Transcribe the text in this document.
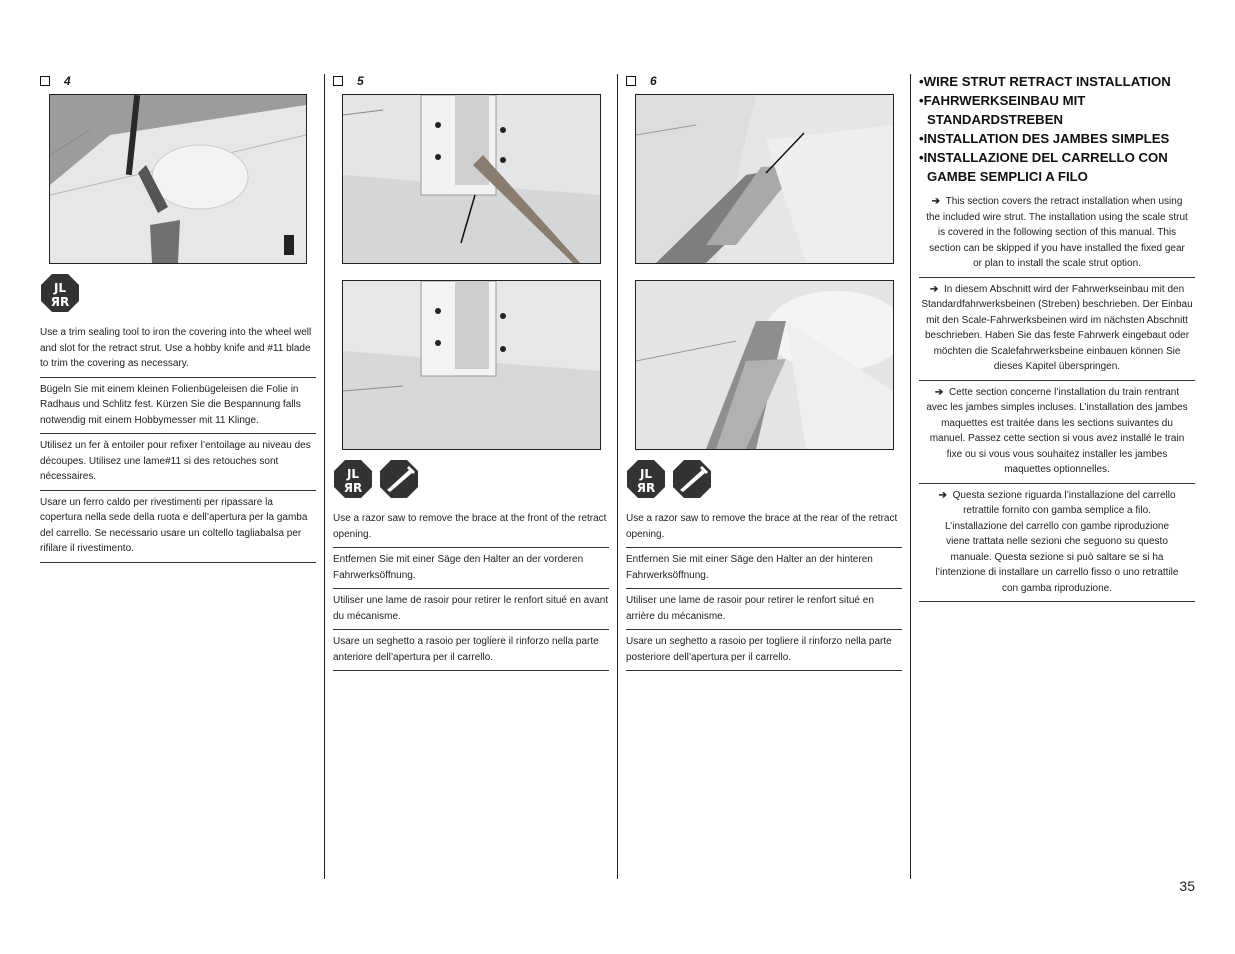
4
JL
ЯR

Use a trim sealing tool to iron the covering into the wheel well and slot for the retract strut. Use a hobby knife and #11 blade to trim the covering as necessary.

Bügeln Sie mit einem kleinen Folienbügeleisen die Folie in Radhaus und Schlitz fest. Kürzen Sie die Bespannung falls notwendig mit einem Hobbymesser mit 11 Klinge.

Utilisez un fer à entoiler pour refixer l’entoilage au niveau des découpes. Utilisez une lame#11 si des retouches sont nécessaires.

Usare un ferro caldo per rivestimenti per ripassare la copertura nella sede della ruota e dell’apertura per la gamba del carrello. Se necessario usare un coltello tagliabalsa per rifilare il rivestimento.

5
JL
ЯR

Use a razor saw to remove the brace at the front of the retract opening.

Entfernen Sie mit einer Säge den Halter an der vorderen Fahrwerksöffnung.

Utiliser une lame de rasoir pour retirer le renfort situé en avant du mécanisme.

Usare un seghetto a rasoio per togliere il rinforzo nella parte anteriore dell’apertura per il carrello.

6
JL
ЯR

Use a razor saw to remove the brace at the rear of the retract opening.

Entfernen Sie mit einer Säge den Halter an der hinteren Fahrwerksöffnung.

Utiliser une lame de rasoir pour retirer le renfort situé en arrière du mécanisme.

Usare un seghetto a rasoio per togliere il rinforzo nella parte posteriore dell’apertura per il carrello.

•WIRE STRUT RETRACT INSTALLATION
•FAHRWERKSEINBAU MIT
STANDARDSTREBEN
•INSTALLATION DES JAMBES SIMPLES
•INSTALLAZIONE DEL CARRELLO CON
GAMBE SEMPLICI A FILO

➔ This section covers the retract installation when using the included wire strut. The installation using the scale strut is covered in the following section of this manual. This section can be skipped if you have installed the fixed gear or plan to install the scale strut option.

➔ In diesem Abschnitt wird der Fahrwerkseinbau mit den Standardfahrwerksbeinen (Streben) beschrieben. Der Einbau mit den Scale-Fahrwerksbeinen wird im nächsten Abschnitt beschrieben. Haben Sie das feste Fahrwerk eingebaut oder möchten die Scalefahrwerksbeine einbauen können Sie dieses Kapitel überspringen.

➔ Cette section concerne l’installation du train rentrant avec les jambes simples incluses. L’installation des jambes maquettes est traitée dans les sections suivantes du manuel. Passez cette section si vous avez installé le train fixe ou si vous vous souhaitez installer les jambes maquettes optionnelles.

➔ Questa sezione riguarda l’installazione del carrello retrattile fornito con gamba semplice a filo. L’installazione del carrello con gambe riproduzione viene trattata nelle sezioni che seguono su questo manuale. Questa sezione si può saltare se si ha l’intenzione di installare un carrello fisso o uno retrattile con gamba riproduzione.

35
